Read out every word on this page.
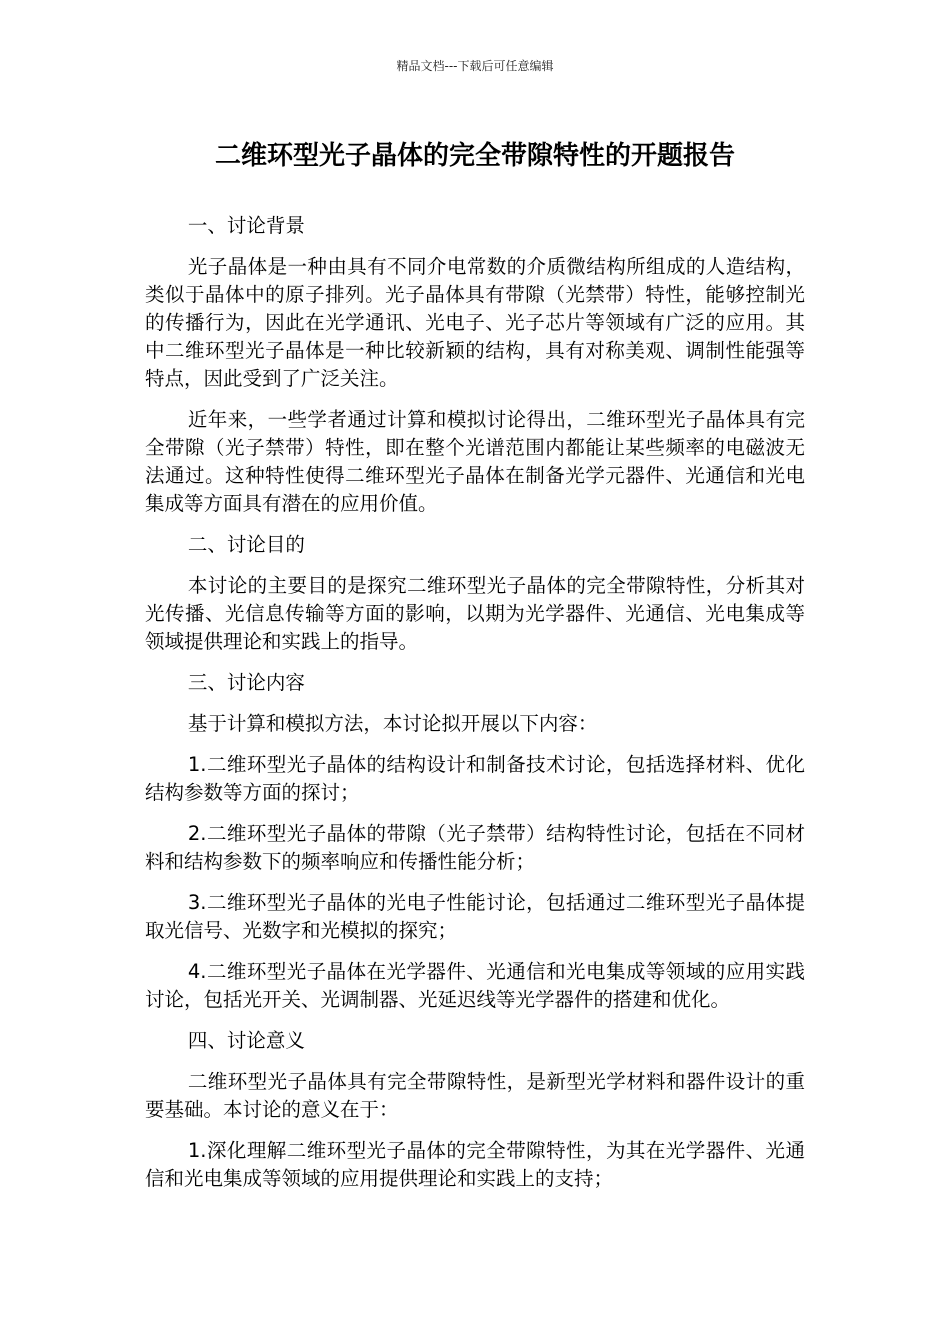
精品文档---下载后可任意编辑
二维环型光子晶体的完全带隙特性的开题报告

一、讨论背景

光子晶体是一种由具有不同介电常数的介质微结构所组成的人造结构，类似于晶体中的原子排列。光子晶体具有带隙（光禁带）特性，能够控制光的传播行为，因此在光学通讯、光电子、光子芯片等领域有广泛的应用。其中二维环型光子晶体是一种比较新颖的结构，具有对称美观、调制性能强等特点，因此受到了广泛关注。

近年来，一些学者通过计算和模拟讨论得出，二维环型光子晶体具有完全带隙（光子禁带）特性，即在整个光谱范围内都能让某些频率的电磁波无法通过。这种特性使得二维环型光子晶体在制备光学元器件、光通信和光电集成等方面具有潜在的应用价值。

二、讨论目的

本讨论的主要目的是探究二维环型光子晶体的完全带隙特性，分析其对光传播、光信息传输等方面的影响，以期为光学器件、光通信、光电集成等领域提供理论和实践上的指导。

三、讨论内容

基于计算和模拟方法，本讨论拟开展以下内容：

1.二维环型光子晶体的结构设计和制备技术讨论，包括选择材料、优化结构参数等方面的探讨；

2.二维环型光子晶体的带隙（光子禁带）结构特性讨论，包括在不同材料和结构参数下的频率响应和传播性能分析；

3.二维环型光子晶体的光电子性能讨论，包括通过二维环型光子晶体提取光信号、光数字和光模拟的探究；

4.二维环型光子晶体在光学器件、光通信和光电集成等领域的应用实践讨论，包括光开关、光调制器、光延迟线等光学器件的搭建和优化。

四、讨论意义

二维环型光子晶体具有完全带隙特性，是新型光学材料和器件设计的重要基础。本讨论的意义在于：

1.深化理解二维环型光子晶体的完全带隙特性，为其在光学器件、光通信和光电集成等领域的应用提供理论和实践上的支持；
